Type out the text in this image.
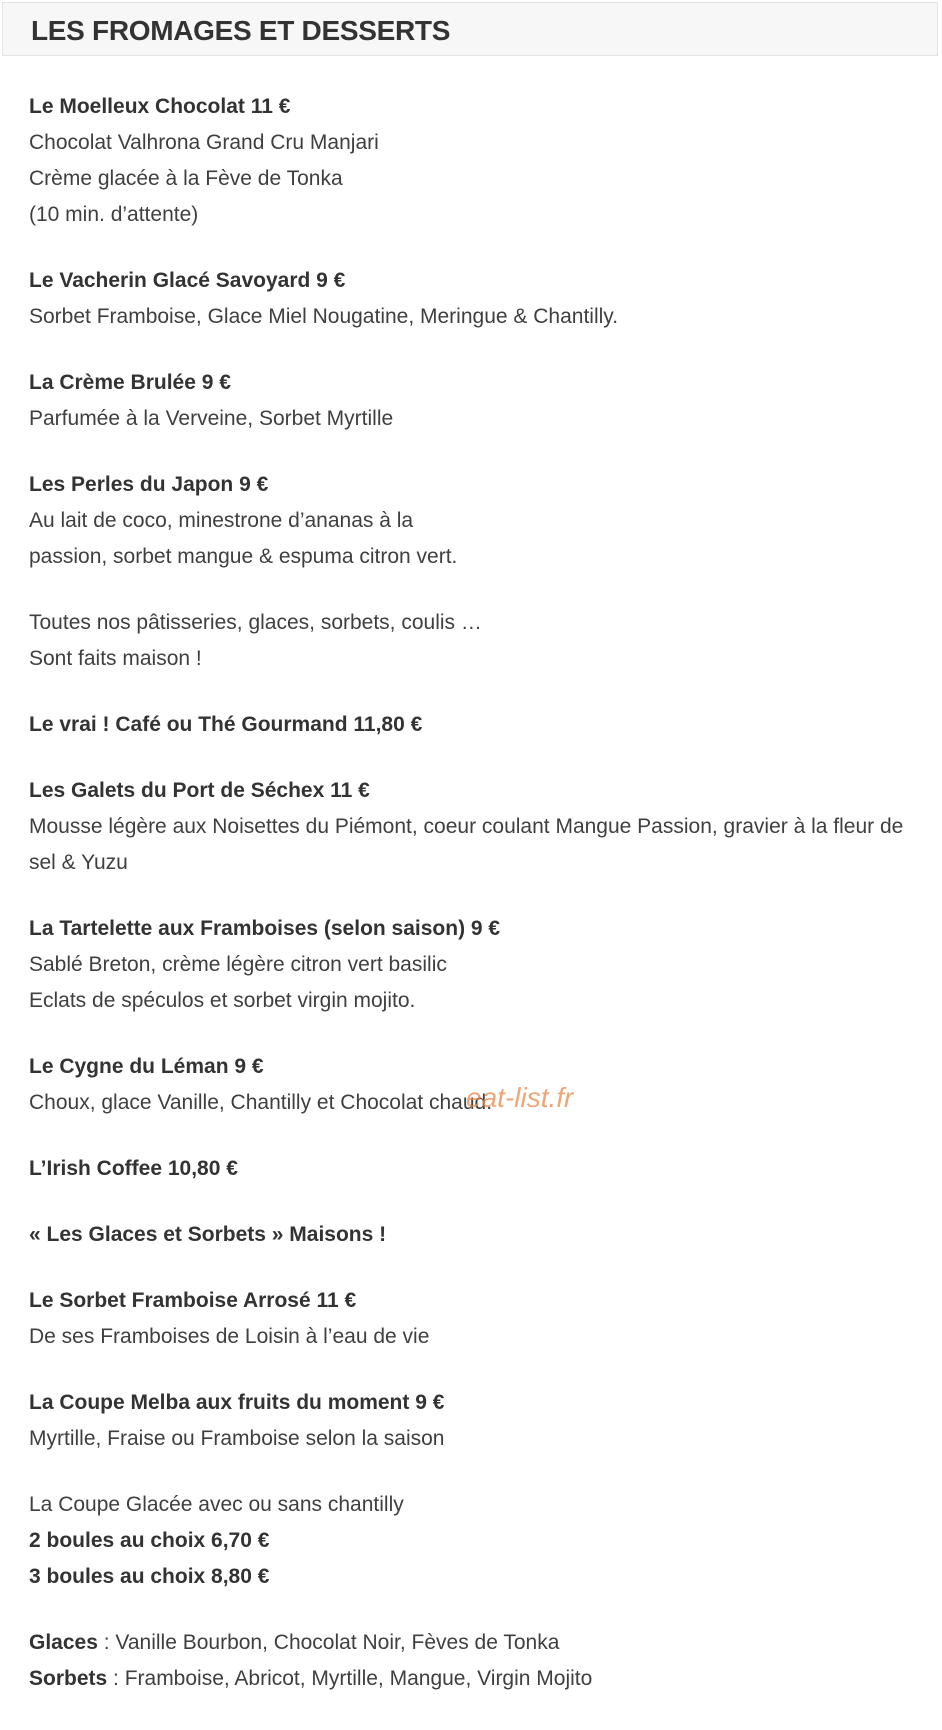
LES FROMAGES ET DESSERTS

Le Moelleux Chocolat 11 €

Chocolat Valhrona Grand Cru Manjari

Crème glacée à la Fève de Tonka

(10 min. d’attente)

Le Vacherin Glacé Savoyard 9 €

Sorbet Framboise, Glace Miel Nougatine, Meringue & Chantilly.

La Crème Brulée 9 €

Parfumée à la Verveine, Sorbet Myrtille

Les Perles du Japon 9 €

Au lait de coco, minestrone d’ananas à la

passion, sorbet mangue & espuma citron vert.

Toutes nos pâtisseries, glaces, sorbets, coulis …

Sont faits maison !

Le vrai ! Café ou Thé Gourmand 11,80 €

Les Galets du Port de Séchex 11 €

Mousse légère aux Noisettes du Piémont, coeur coulant Mangue Passion, gravier à la fleur de sel & Yuzu

La Tartelette aux Framboises (selon saison) 9 €

Sablé Breton, crème légère citron vert basilic

Eclats de spéculos et sorbet virgin mojito.

Le Cygne du Léman 9 €

Choux, glace Vanille, Chantilly et Chocolat chaud.

L’Irish Coffee 10,80 €

« Les Glaces et Sorbets » Maisons !

Le Sorbet Framboise Arrosé 11 €

De ses Framboises de Loisin à l’eau de vie

La Coupe Melba aux fruits du moment 9 €

Myrtille, Fraise ou Framboise selon la saison

La Coupe Glacée avec ou sans chantilly

2 boules au choix 6,70 €

3 boules au choix 8,80 €

Glaces : Vanille Bourbon, Chocolat Noir, Fèves de Tonka

Sorbets : Framboise, Abricot, Myrtille, Mangue, Virgin Mojito

eat-list.fr
